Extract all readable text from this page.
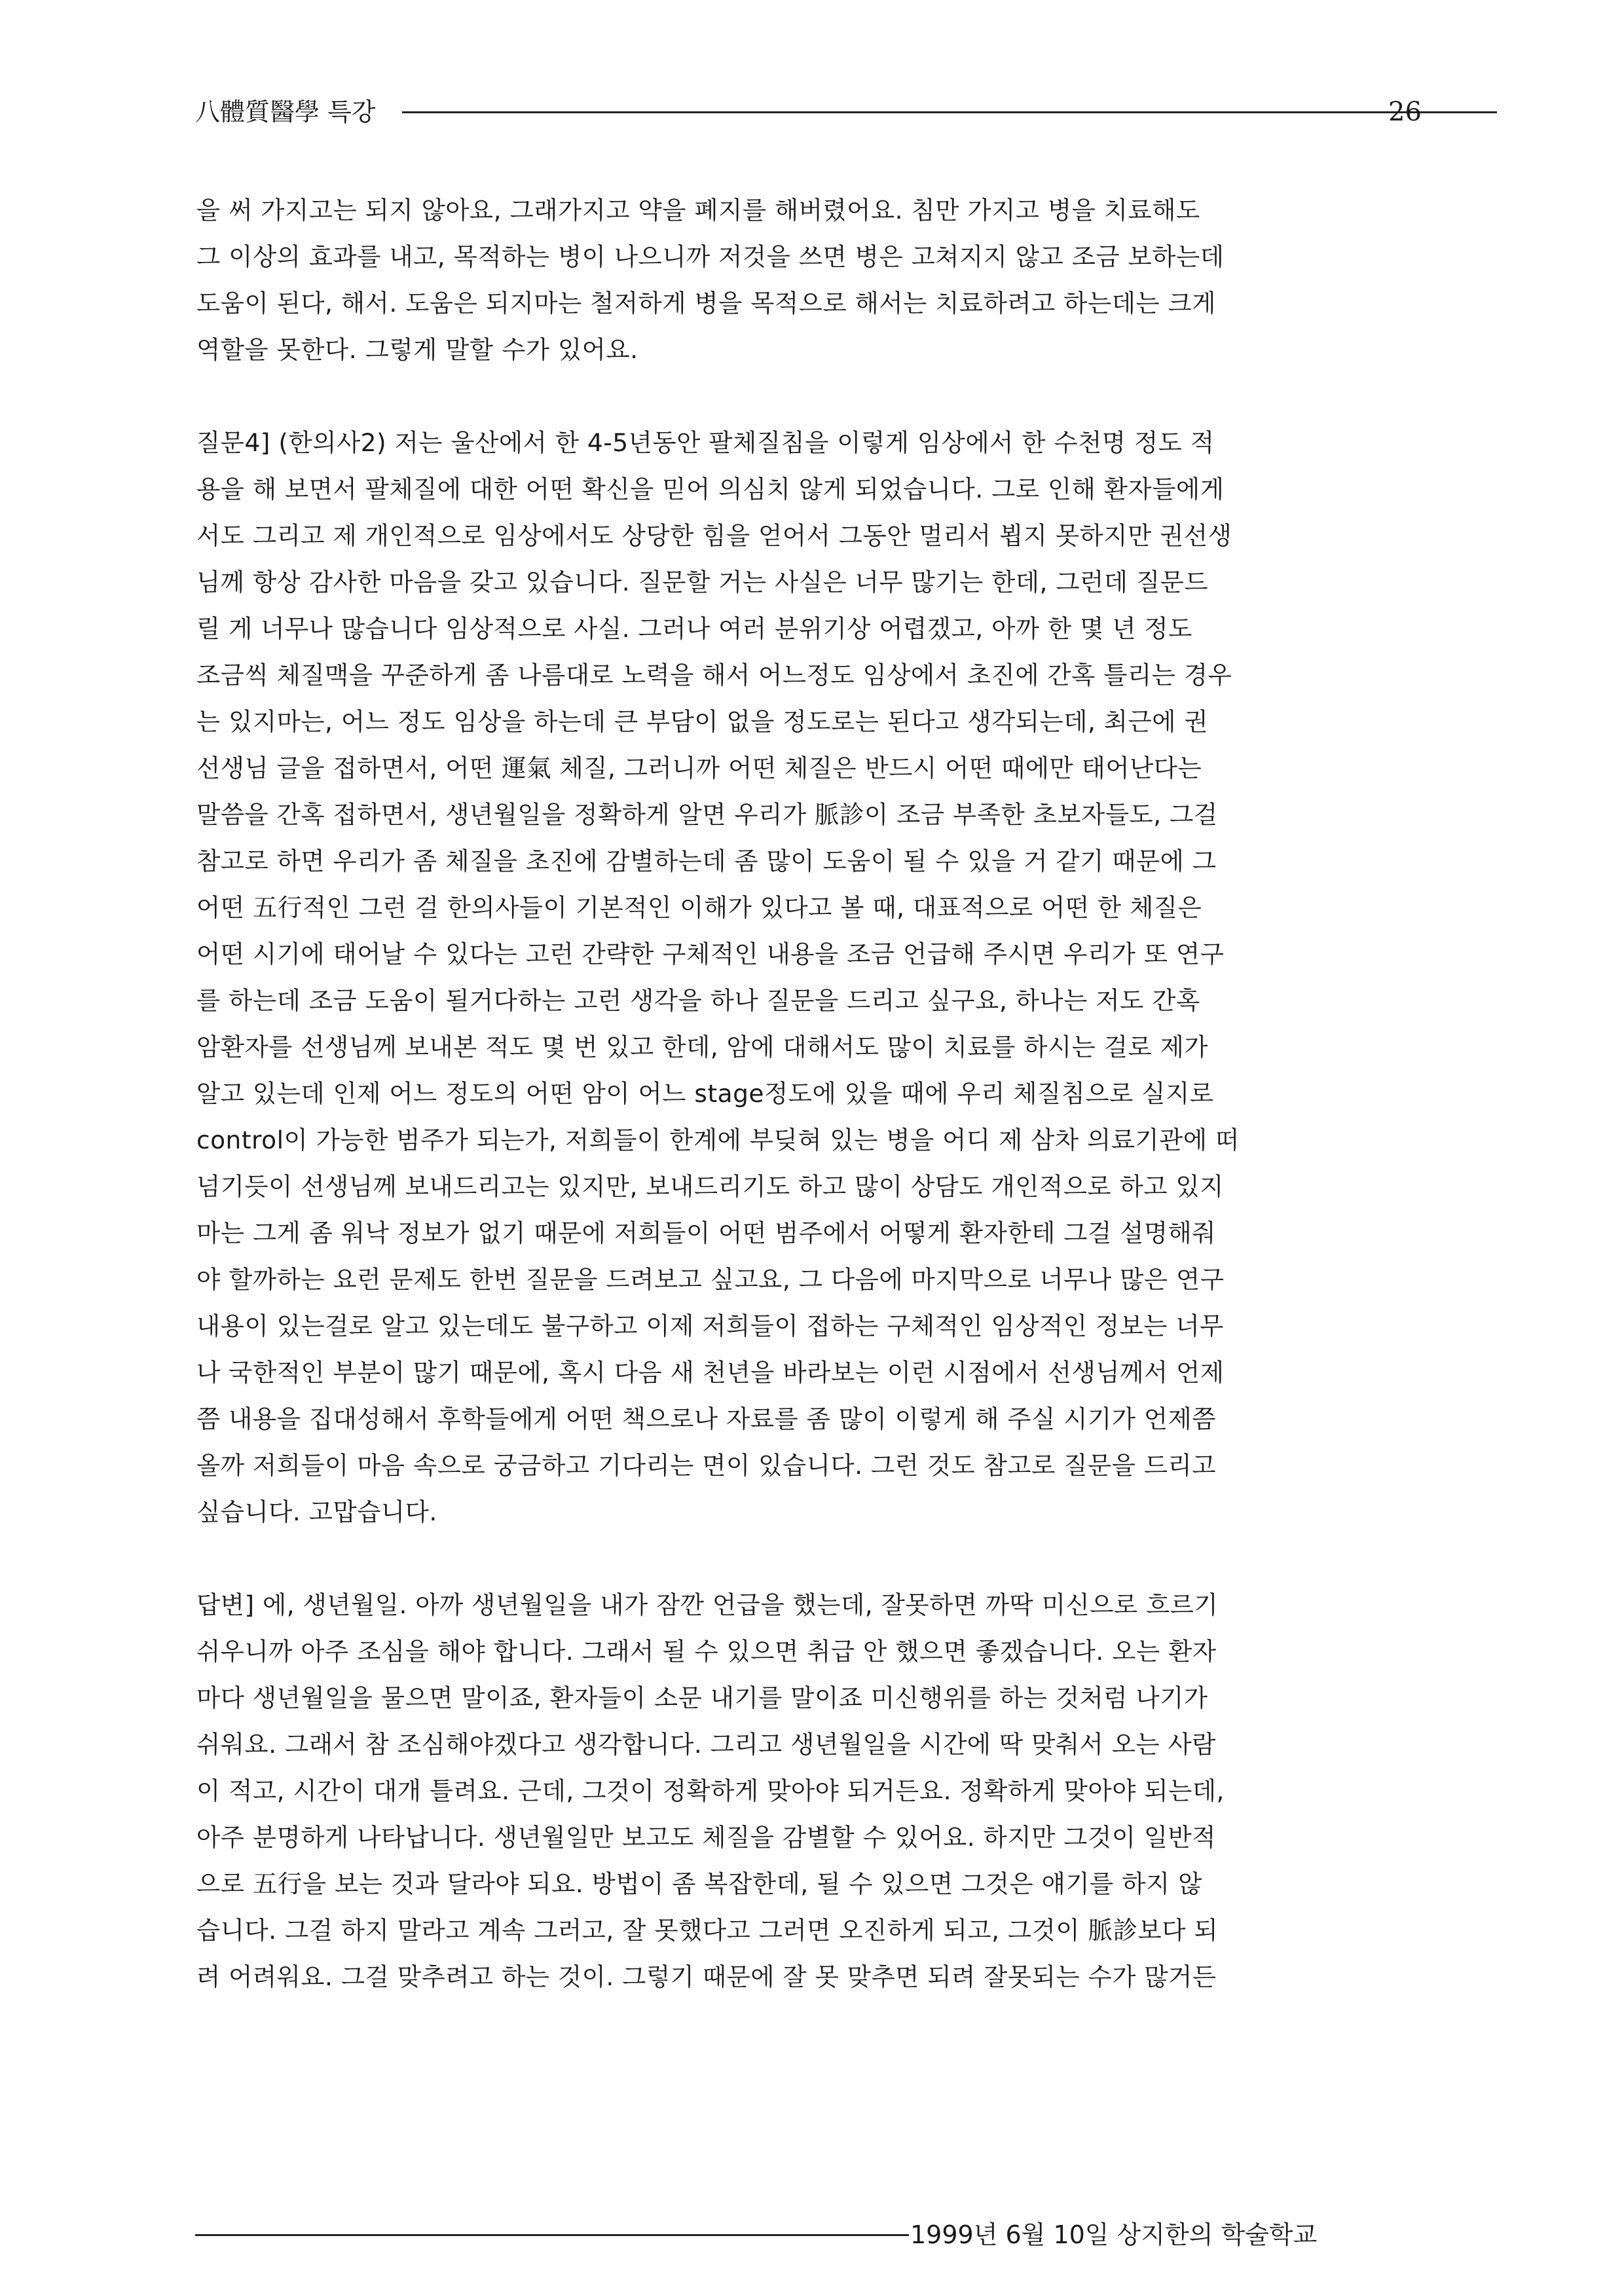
八體質醫學 특강	26

을 써 가지고는 되지 않아요, 그래가지고 약을 폐지를 해버렸어요. 침만 가지고 병을 치료해도
그 이상의 효과를 내고, 목적하는 병이 나으니까 저것을 쓰면 병은 고쳐지지 않고 조금 보하는데
도움이 된다, 해서. 도움은 되지마는 철저하게 병을 목적으로 해서는 치료하려고 하는데는 크게
역할을 못한다. 그렇게 말할 수가 있어요.

질문4] (한의사2) 저는 울산에서 한 4-5년동안 팔체질침을 이렇게 임상에서 한 수천명 정도 적
용을 해 보면서 팔체질에 대한 어떤 확신을 믿어 의심치 않게 되었습니다. 그로 인해 환자들에게
서도 그리고 제 개인적으로 임상에서도 상당한 힘을 얻어서 그동안 멀리서 뵙지 못하지만 권선생
님께 항상 감사한 마음을 갖고 있습니다. 질문할 거는 사실은 너무 많기는 한데, 그런데 질문드
릴 게 너무나 많습니다 임상적으로 사실. 그러나 여러 분위기상 어렵겠고, 아까 한 몇 년 정도
조금씩 체질맥을 꾸준하게 좀 나름대로 노력을 해서 어느정도 임상에서 초진에 간혹 틀리는 경우
는 있지마는, 어느 정도 임상을 하는데 큰 부담이 없을 정도로는 된다고 생각되는데, 최근에 권
선생님 글을 접하면서, 어떤 運氣 체질, 그러니까 어떤 체질은 반드시 어떤 때에만 태어난다는
말씀을 간혹 접하면서, 생년월일을 정확하게 알면 우리가 脈診이 조금 부족한 초보자들도, 그걸
참고로 하면 우리가 좀 체질을 초진에 감별하는데 좀 많이 도움이 될 수 있을 거 같기 때문에 그
어떤 五行적인 그런 걸 한의사들이 기본적인 이해가 있다고 볼 때, 대표적으로 어떤 한 체질은
어떤 시기에 태어날 수 있다는 고런 간략한 구체적인 내용을 조금 언급해 주시면 우리가 또 연구
를 하는데 조금 도움이 될거다하는 고런 생각을 하나 질문을 드리고 싶구요, 하나는 저도 간혹
암환자를 선생님께 보내본 적도 몇 번 있고 한데, 암에 대해서도 많이 치료를 하시는 걸로 제가
알고 있는데 인제 어느 정도의 어떤 암이 어느 stage정도에 있을 때에 우리 체질침으로 실지로
control이 가능한 범주가 되는가, 저희들이 한계에 부딪혀 있는 병을 어디 제 삼차 의료기관에 떠
넘기듯이 선생님께 보내드리고는 있지만, 보내드리기도 하고 많이 상담도 개인적으로 하고 있지
마는 그게 좀 워낙 정보가 없기 때문에 저희들이 어떤 범주에서 어떻게 환자한테 그걸 설명해줘
야 할까하는 요런 문제도 한번 질문을 드려보고 싶고요, 그 다음에 마지막으로 너무나 많은 연구
내용이 있는걸로 알고 있는데도 불구하고 이제 저희들이 접하는 구체적인 임상적인 정보는 너무
나 국한적인 부분이 많기 때문에, 혹시 다음 새 천년을 바라보는 이런 시점에서 선생님께서 언제
쯤 내용을 집대성해서 후학들에게 어떤 책으로나 자료를 좀 많이 이렇게 해 주실 시기가 언제쯤
올까 저희들이 마음 속으로 궁금하고 기다리는 면이 있습니다. 그런 것도 참고로 질문을 드리고
싶습니다. 고맙습니다.

답변] 에, 생년월일. 아까 생년월일을 내가 잠깐 언급을 했는데, 잘못하면 까딱 미신으로 흐르기
쉬우니까 아주 조심을 해야 합니다. 그래서 될 수 있으면 취급 안 했으면 좋겠습니다. 오는 환자
마다 생년월일을 물으면 말이죠, 환자들이 소문 내기를 말이죠 미신행위를 하는 것처럼 나기가
쉬워요. 그래서 참 조심해야겠다고 생각합니다. 그리고 생년월일을 시간에 딱 맞춰서 오는 사람
이 적고, 시간이 대개 틀려요. 근데, 그것이 정확하게 맞아야 되거든요. 정확하게 맞아야 되는데,
아주 분명하게 나타납니다. 생년월일만 보고도 체질을 감별할 수 있어요. 하지만 그것이 일반적
으로 五行을 보는 것과 달라야 되요. 방법이 좀 복잡한데, 될 수 있으면 그것은 얘기를 하지 않
습니다. 그걸 하지 말라고 계속 그러고, 잘 못했다고 그러면 오진하게 되고, 그것이 脈診보다 되
려 어려워요. 그걸 맞추려고 하는 것이. 그렇기 때문에 잘 못 맞추면 되려 잘못되는 수가 많거든

1999년 6월 10일 상지한의 학술학교
